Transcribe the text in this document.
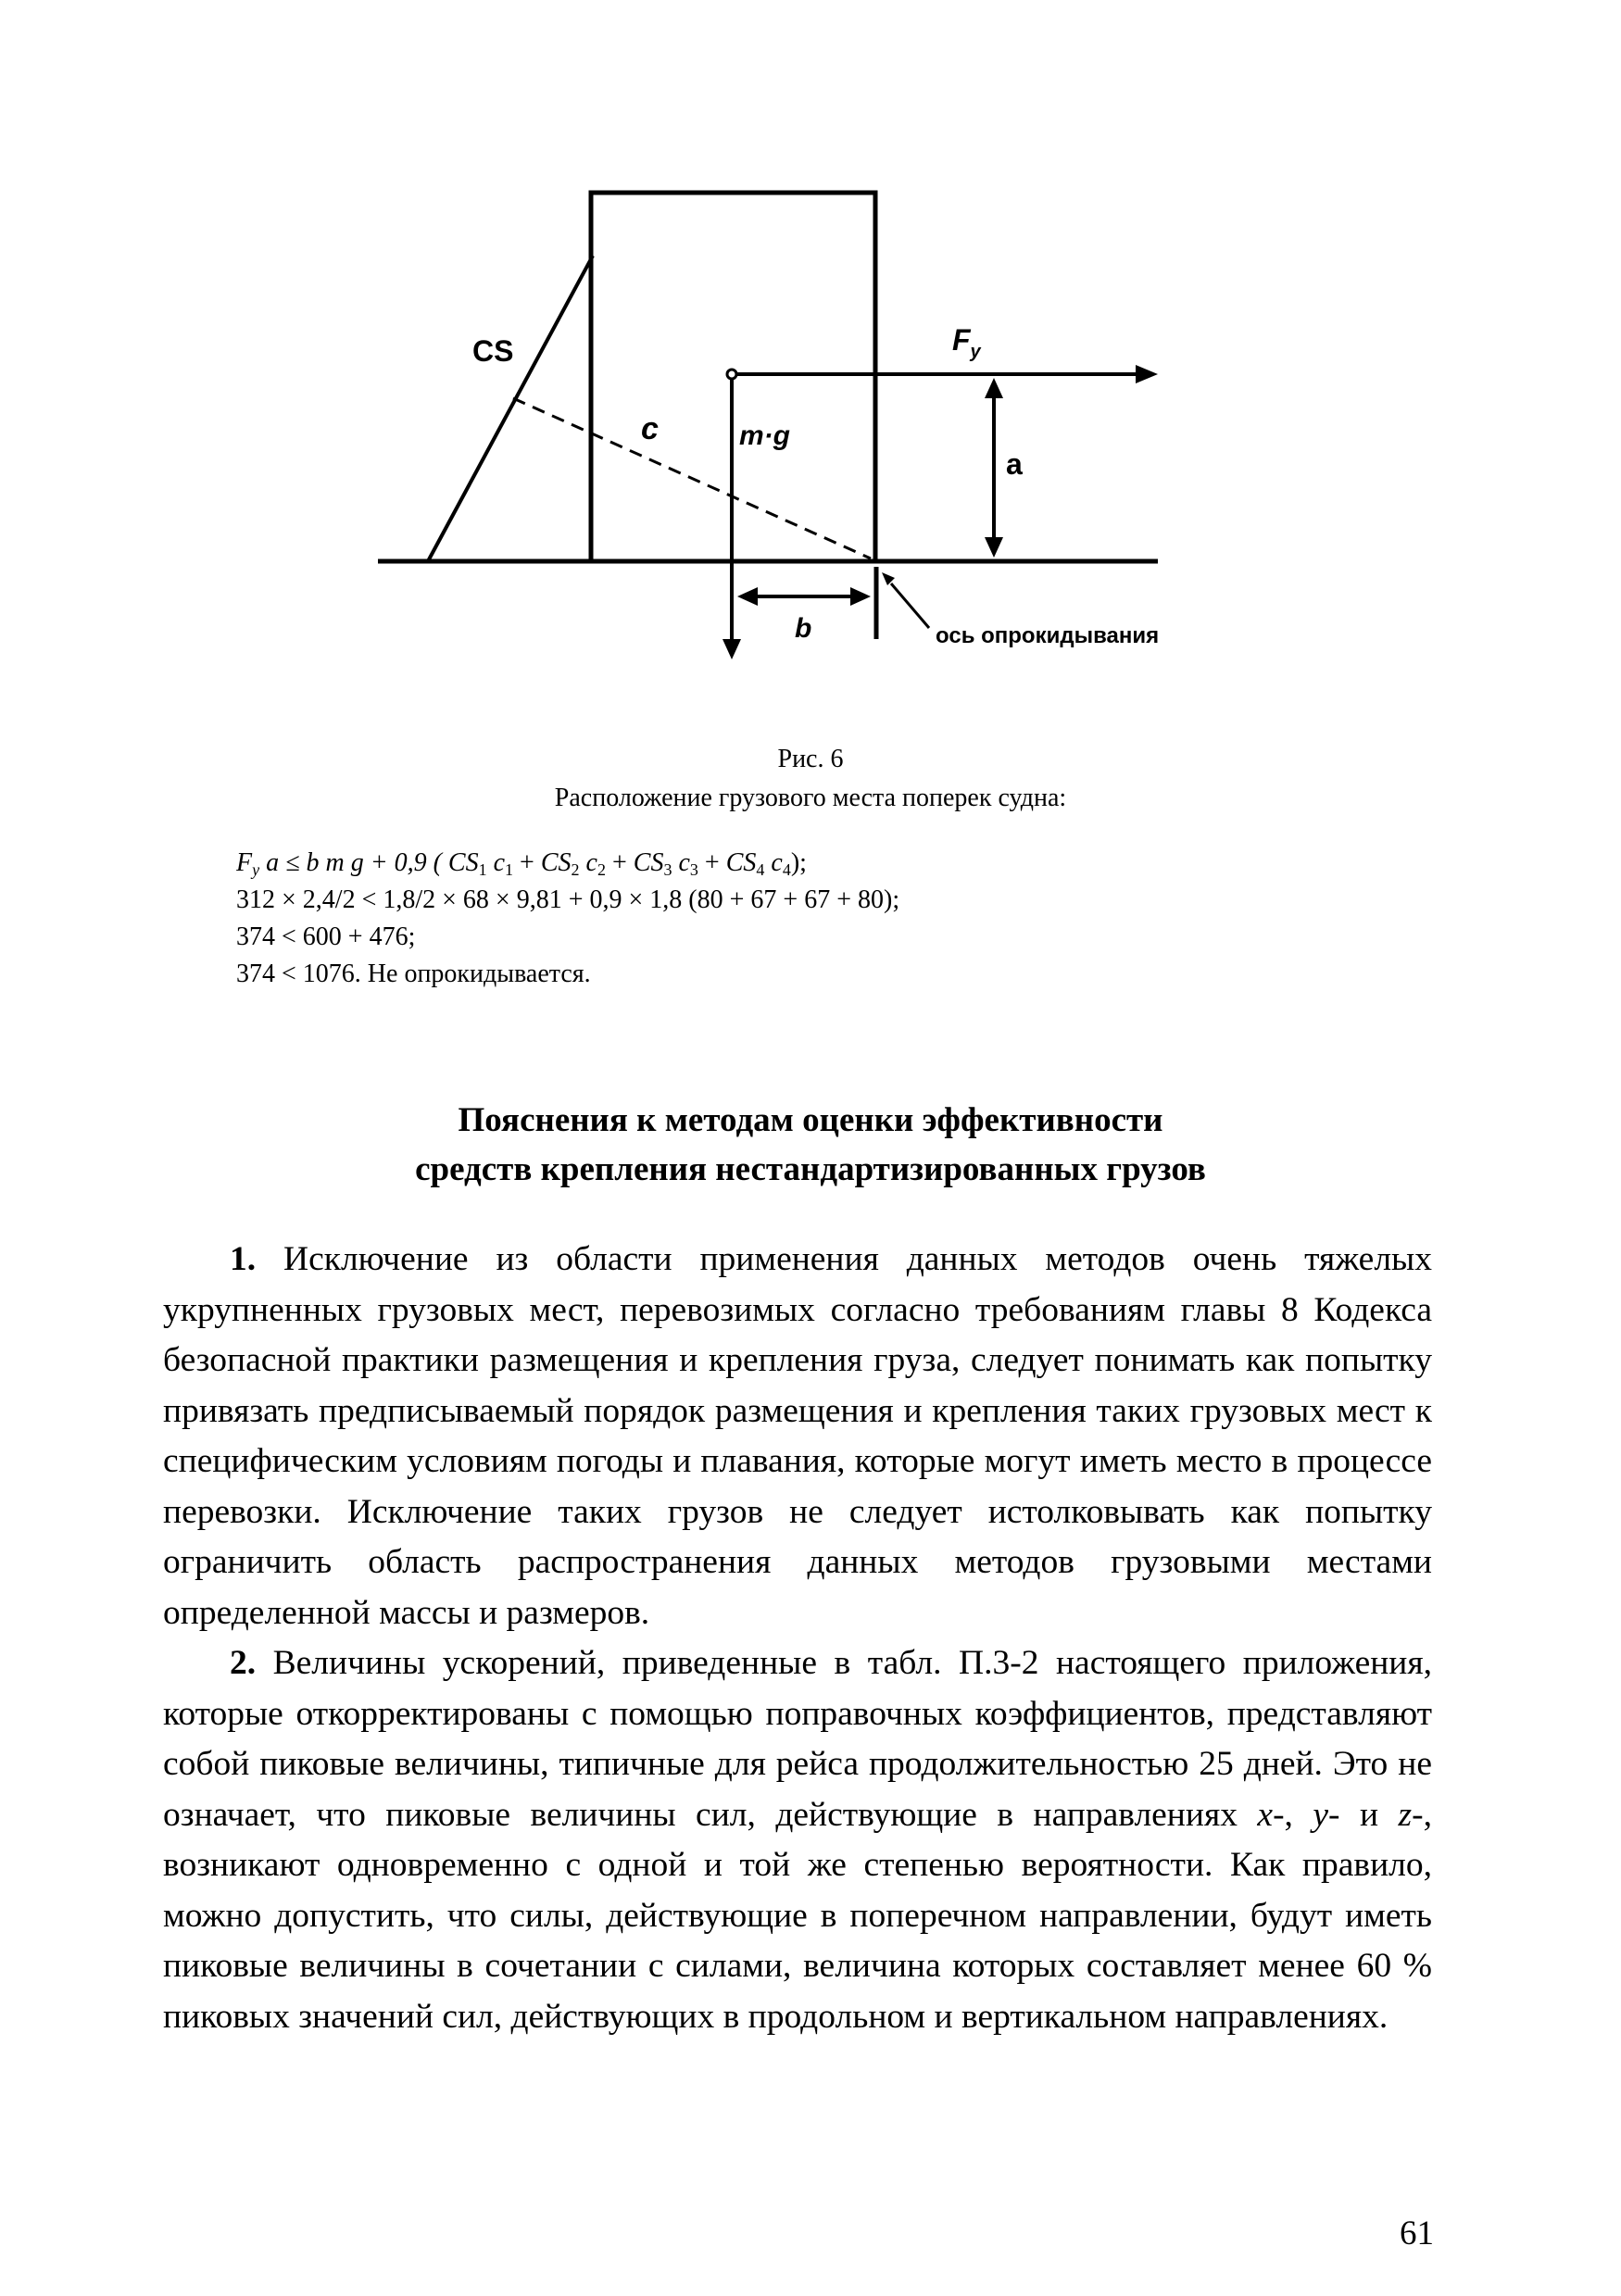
CS	$F_y$
c	m·g
a
b	ось опрокидывания
Рис. 6
Расположение грузового места поперек судна:
$F_y$ a ≤ b m g + 0,9 ( $CS_1$ $c_1 + CS_2$ $c_2 + CS_3$ $c_3 + CS_4$ $c_4$);
312 × 2,4/2 < 1,8/2 × 68 × 9,81 + 0,9 × 1,8 (80 + 67 + 67 + 80);
374 < 600 + 476;
374 < 1076. Не опрокидывается.
Пояснения к методам оценки эффективности
средств крепления нестандартизированных грузов

1. Исключение из области применения данных методов очень тяжелых укрупненных грузовых мест, перевозимых согласно требованиям главы 8 Кодекса безопасной практики размещения и крепления груза, следует понимать как попытку привязать предписываемый порядок размещения и крепления таких грузовых мест к специфическим условиям погоды и плавания, которые могут иметь место в процессе перевозки. Исключение таких грузов не следует истолковывать как попытку ограничить область распространения данных методов грузовыми местами определенной массы и размеров.

2. Величины ускорений, приведенные в табл. П.3-2 настоящего приложения, которые откорректированы с помощью поправочных коэффициентов, представляют собой пиковые величины, типичные для рейса продолжительностью 25 дней. Это не означает, что пиковые величины сил, действующие в направлениях x-, y- и z-, возникают одновременно с одной и той же степенью вероятности. Как правило, можно допустить, что силы, действующие в поперечном направлении, будут иметь пиковые величины в сочетании с силами, величина которых составляет менее 60 % пиковых значений сил, действующих в продольном и вертикальном направлениях.

61
